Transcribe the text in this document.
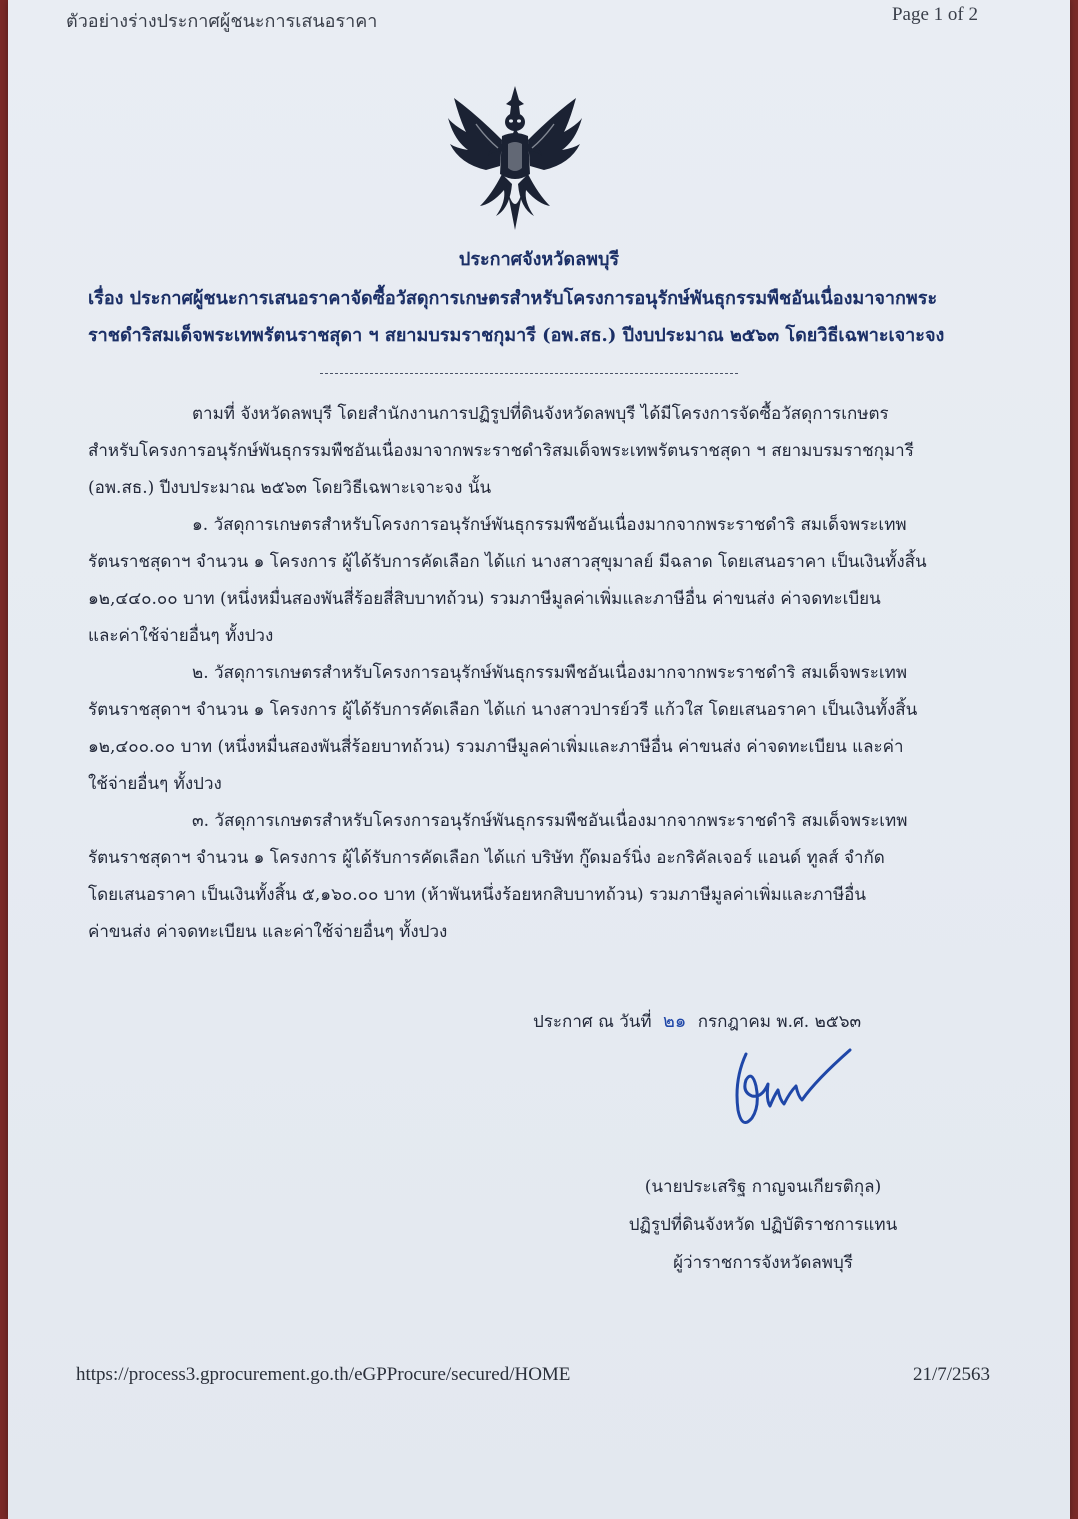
ตัวอย่างร่างประกาศผู้ชนะการเสนอราคา	Page 1 of 2
ประกาศจังหวัดลพบุรี
เรื่อง ประกาศผู้ชนะการเสนอราคาจัดซื้อวัสดุการเกษตรสำหรับโครงการอนุรักษ์พันธุกรรมพืชอันเนื่องมาจากพระ
ราชดำริสมเด็จพระเทพรัตนราชสุดา ฯ สยามบรมราชกุมารี (อพ.สธ.) ปีงบประมาณ ๒๕๖๓ โดยวิธีเฉพาะเจาะจง
ตามที่ จังหวัดลพบุรี โดยสำนักงานการปฏิรูปที่ดินจังหวัดลพบุรี ได้มีโครงการจัดซื้อวัสดุการเกษตร
สำหรับโครงการอนุรักษ์พันธุกรรมพืชอันเนื่องมาจากพระราชดำริสมเด็จพระเทพรัตนราชสุดา ฯ สยามบรมราชกุมารี
(อพ.สธ.) ปีงบประมาณ ๒๕๖๓ โดยวิธีเฉพาะเจาะจง นั้น
๑. วัสดุการเกษตรสำหรับโครงการอนุรักษ์พันธุกรรมพืชอันเนื่องมากจากพระราชดำริ สมเด็จพระเทพ
รัตนราชสุดาฯ จำนวน ๑ โครงการ ผู้ได้รับการคัดเลือก ได้แก่ นางสาวสุขุมาลย์ มีฉลาด โดยเสนอราคา เป็นเงินทั้งสิ้น
๑๒,๔๔๐.๐๐ บาท (หนึ่งหมื่นสองพันสี่ร้อยสี่สิบบาทถ้วน) รวมภาษีมูลค่าเพิ่มและภาษีอื่น ค่าขนส่ง ค่าจดทะเบียน
และค่าใช้จ่ายอื่นๆ ทั้งปวง
๒. วัสดุการเกษตรสำหรับโครงการอนุรักษ์พันธุกรรมพืชอันเนื่องมากจากพระราชดำริ สมเด็จพระเทพ
รัตนราชสุดาฯ จำนวน ๑ โครงการ ผู้ได้รับการคัดเลือก ได้แก่ นางสาวปารย์วรี แก้วใส โดยเสนอราคา เป็นเงินทั้งสิ้น
๑๒,๔๐๐.๐๐ บาท (หนึ่งหมื่นสองพันสี่ร้อยบาทถ้วน) รวมภาษีมูลค่าเพิ่มและภาษีอื่น ค่าขนส่ง ค่าจดทะเบียน และค่า
ใช้จ่ายอื่นๆ ทั้งปวง
๓. วัสดุการเกษตรสำหรับโครงการอนุรักษ์พันธุกรรมพืชอันเนื่องมากจากพระราชดำริ สมเด็จพระเทพ
รัตนราชสุดาฯ จำนวน ๑ โครงการ ผู้ได้รับการคัดเลือก ได้แก่ บริษัท กู๊ดมอร์นิ่ง อะกริคัลเจอร์ แอนด์ ทูลส์ จำกัด
โดยเสนอราคา เป็นเงินทั้งสิ้น ๕,๑๖๐.๐๐ บาท (ห้าพันหนึ่งร้อยหกสิบบาทถ้วน) รวมภาษีมูลค่าเพิ่มและภาษีอื่น
ค่าขนส่ง ค่าจดทะเบียน และค่าใช้จ่ายอื่นๆ ทั้งปวง
ประกาศ ณ วันที่ ๒๑ กรกฎาคม พ.ศ. ๒๕๖๓
(นายประเสริฐ กาญจนเกียรติกุล)
ปฏิรูปที่ดินจังหวัด ปฏิบัติราชการแทน
ผู้ว่าราชการจังหวัดลพบุรี
https://process3.gprocurement.go.th/eGPProcure/secured/HOME	21/7/2563
